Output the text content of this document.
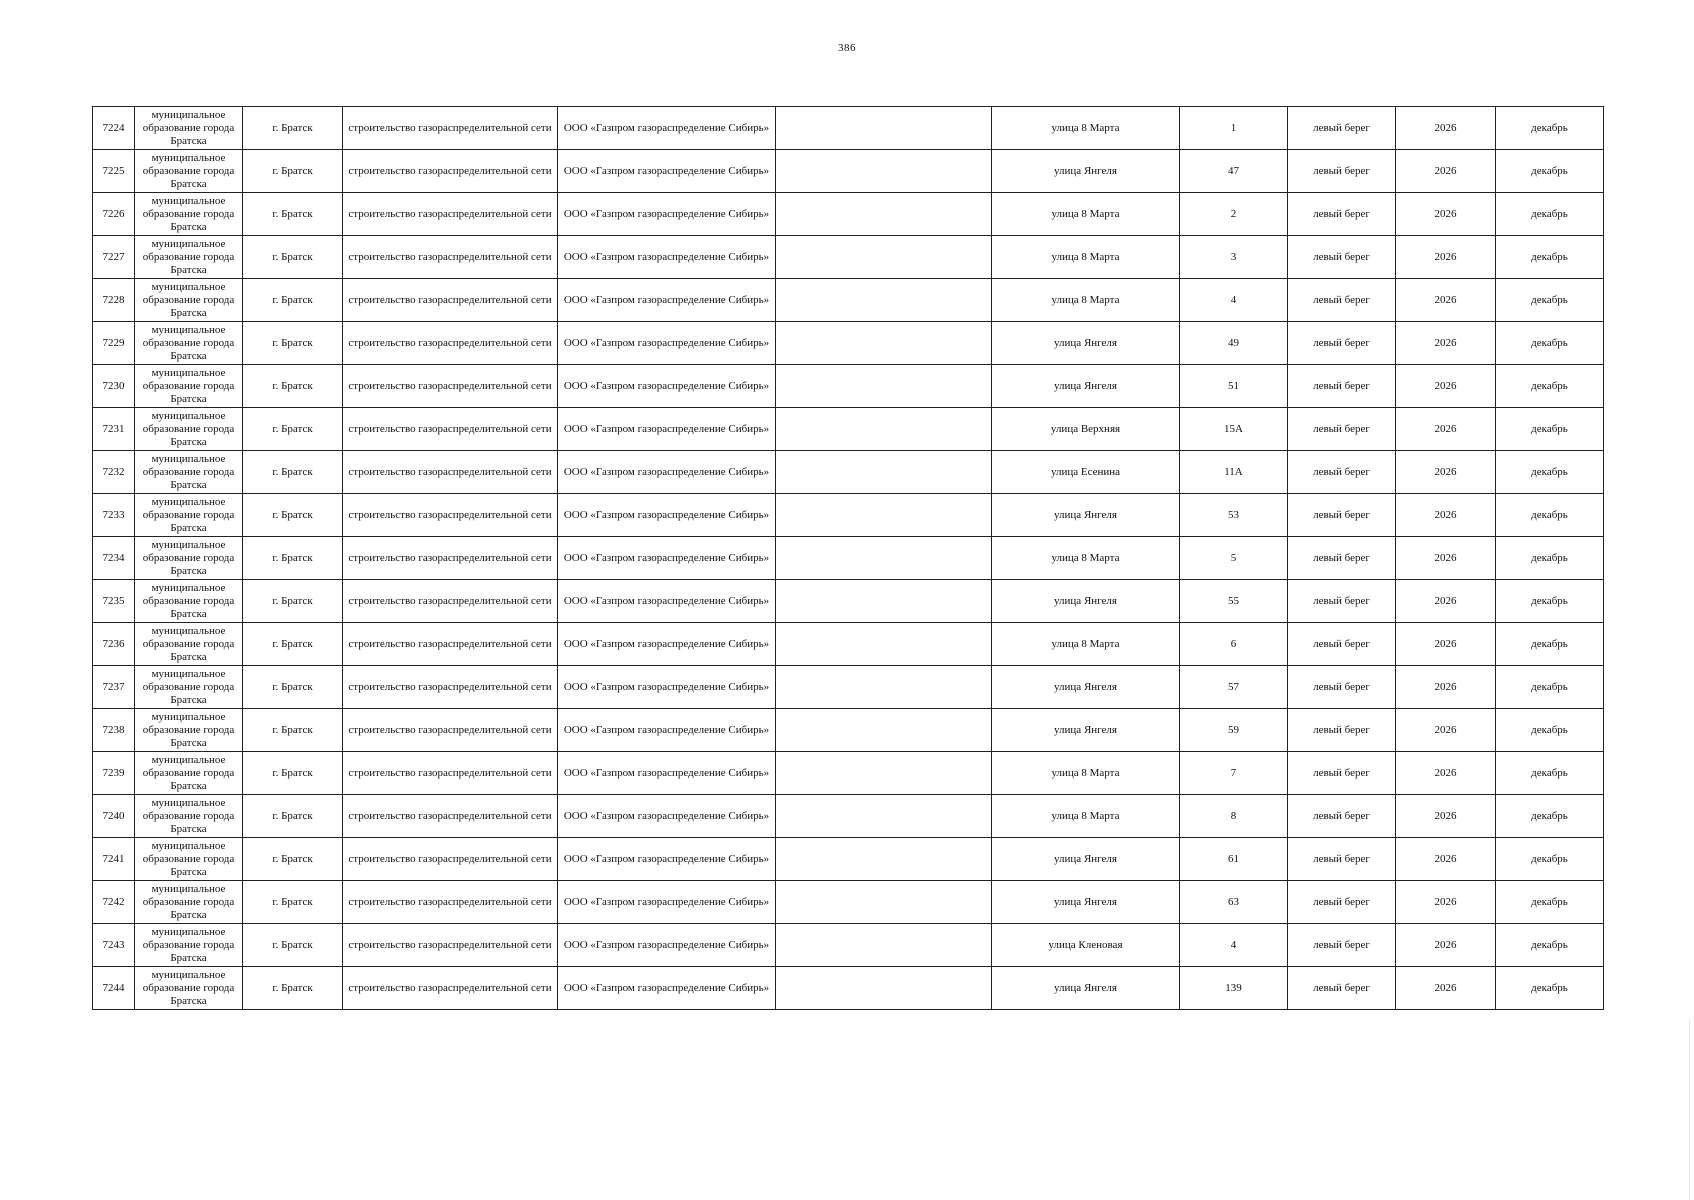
386
7224	муниципальное образование города Братска	г. Братск	строительство газораспределительной сети	ООО «Газпром газораспределение Сибирь»		улица 8 Марта	1	левый берег	2026	декабрь
7225	муниципальное образование города Братска	г. Братск	строительство газораспределительной сети	ООО «Газпром газораспределение Сибирь»		улица Янгеля	47	левый берег	2026	декабрь
7226	муниципальное образование города Братска	г. Братск	строительство газораспределительной сети	ООО «Газпром газораспределение Сибирь»		улица 8 Марта	2	левый берег	2026	декабрь
7227	муниципальное образование города Братска	г. Братск	строительство газораспределительной сети	ООО «Газпром газораспределение Сибирь»		улица 8 Марта	3	левый берег	2026	декабрь
7228	муниципальное образование города Братска	г. Братск	строительство газораспределительной сети	ООО «Газпром газораспределение Сибирь»		улица 8 Марта	4	левый берег	2026	декабрь
7229	муниципальное образование города Братска	г. Братск	строительство газораспределительной сети	ООО «Газпром газораспределение Сибирь»		улица Янгеля	49	левый берег	2026	декабрь
7230	муниципальное образование города Братска	г. Братск	строительство газораспределительной сети	ООО «Газпром газораспределение Сибирь»		улица Янгеля	51	левый берег	2026	декабрь
7231	муниципальное образование города Братска	г. Братск	строительство газораспределительной сети	ООО «Газпром газораспределение Сибирь»		улица Верхняя	15А	левый берег	2026	декабрь
7232	муниципальное образование города Братска	г. Братск	строительство газораспределительной сети	ООО «Газпром газораспределение Сибирь»		улица Есенина	11А	левый берег	2026	декабрь
7233	муниципальное образование города Братска	г. Братск	строительство газораспределительной сети	ООО «Газпром газораспределение Сибирь»		улица Янгеля	53	левый берег	2026	декабрь
7234	муниципальное образование города Братска	г. Братск	строительство газораспределительной сети	ООО «Газпром газораспределение Сибирь»		улица 8 Марта	5	левый берег	2026	декабрь
7235	муниципальное образование города Братска	г. Братск	строительство газораспределительной сети	ООО «Газпром газораспределение Сибирь»		улица Янгеля	55	левый берег	2026	декабрь
7236	муниципальное образование города Братска	г. Братск	строительство газораспределительной сети	ООО «Газпром газораспределение Сибирь»		улица 8 Марта	6	левый берег	2026	декабрь
7237	муниципальное образование города Братска	г. Братск	строительство газораспределительной сети	ООО «Газпром газораспределение Сибирь»		улица Янгеля	57	левый берег	2026	декабрь
7238	муниципальное образование города Братска	г. Братск	строительство газораспределительной сети	ООО «Газпром газораспределение Сибирь»		улица Янгеля	59	левый берег	2026	декабрь
7239	муниципальное образование города Братска	г. Братск	строительство газораспределительной сети	ООО «Газпром газораспределение Сибирь»		улица 8 Марта	7	левый берег	2026	декабрь
7240	муниципальное образование города Братска	г. Братск	строительство газораспределительной сети	ООО «Газпром газораспределение Сибирь»		улица 8 Марта	8	левый берег	2026	декабрь
7241	муниципальное образование города Братска	г. Братск	строительство газораспределительной сети	ООО «Газпром газораспределение Сибирь»		улица Янгеля	61	левый берег	2026	декабрь
7242	муниципальное образование города Братска	г. Братск	строительство газораспределительной сети	ООО «Газпром газораспределение Сибирь»		улица Янгеля	63	левый берег	2026	декабрь
7243	муниципальное образование города Братска	г. Братск	строительство газораспределительной сети	ООО «Газпром газораспределение Сибирь»		улица Кленовая	4	левый берег	2026	декабрь
7244	муниципальное образование города Братска	г. Братск	строительство газораспределительной сети	ООО «Газпром газораспределение Сибирь»		улица Янгеля	139	левый берег	2026	декабрь
